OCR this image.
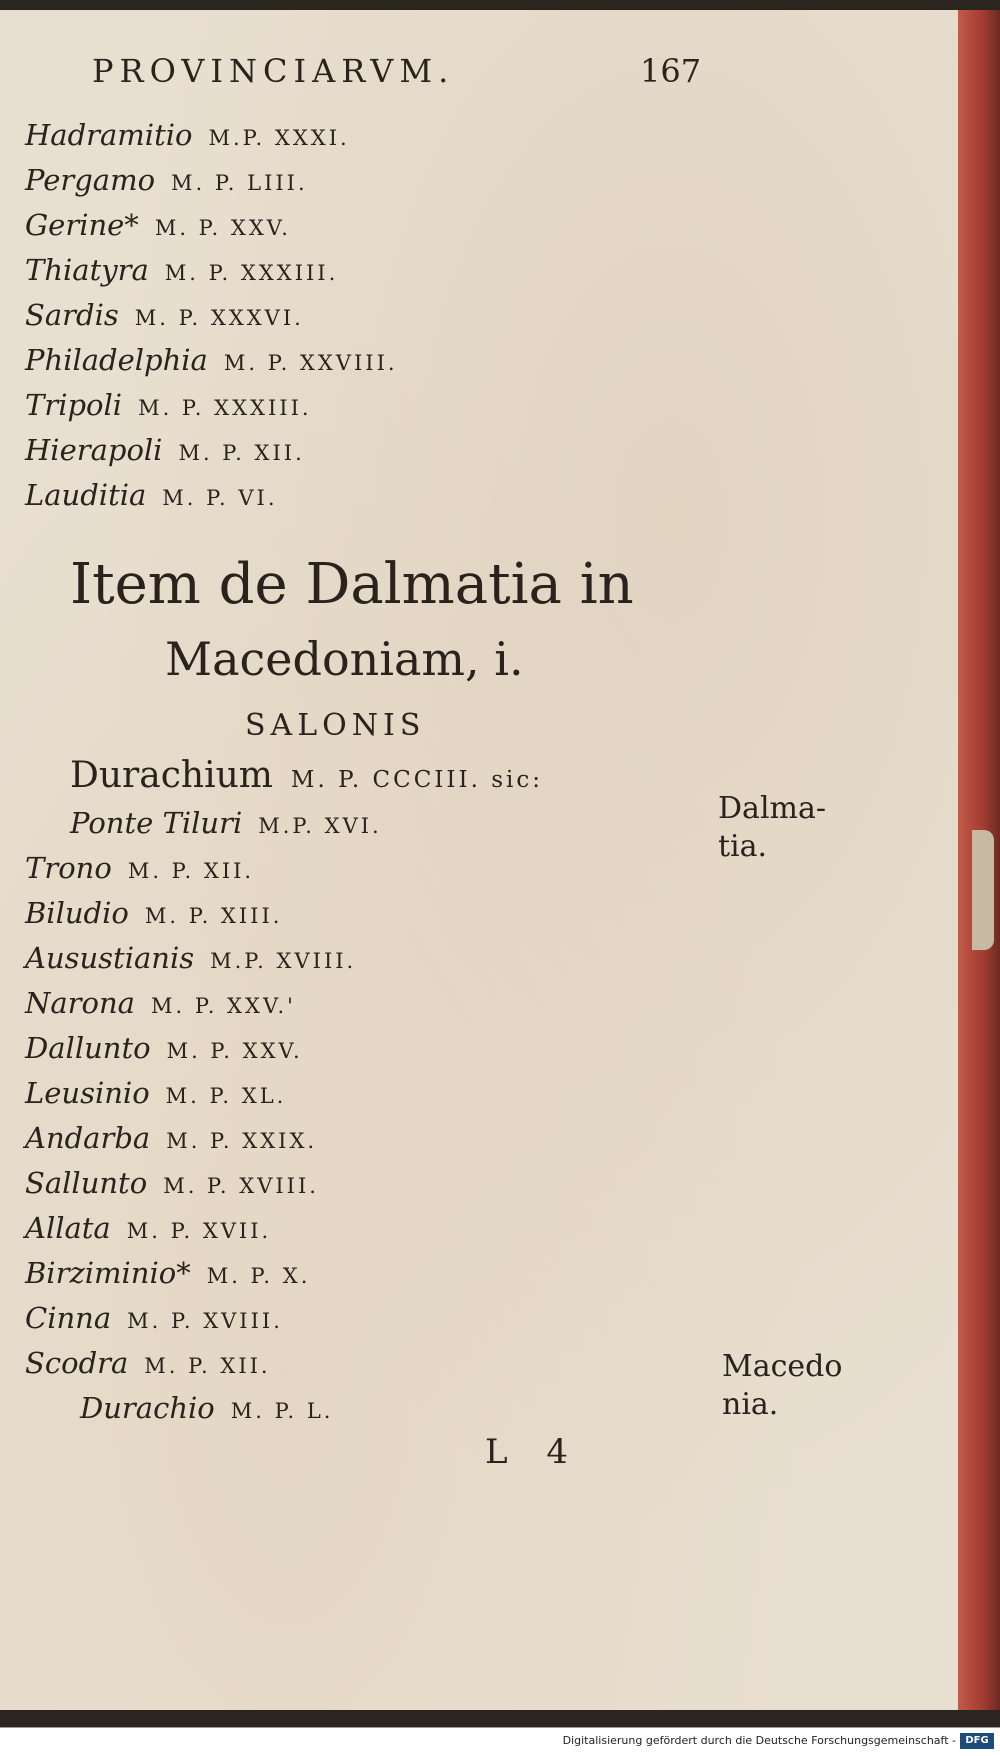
PROVINCIARVM.	167
Hadramitio M.P. XXXI.
Pergamo M. P. LIII.
Gerine* M. P. XXV.
Thiatyra M. P. XXXIII.
Sardis M. P. XXXVI.
Philadelphia M. P. XXVIII.
Tripoli M. P. XXXIII.
Hierapoli M. P. XII.
Lauditia M. P. VI.
Item de Dalmatia in
Macedoniam, i.
SALONIS
Durachium M. P. CCCIII. sic:
Ponte Tiluri M.P. XVI.
Trono M. P. XII.
Biludio M. P. XIII.
Ausustianis M.P. XVIII.
Narona M. P. XXV.'
Dallunto M. P. XXV.
Leusinio M. P. XL.
Andarba M. P. XXIX.
Sallunto M. P. XVIII.
Allata M. P. XVII.
Birziminio* M. P. X.
Cinna M. P. XVIII.
Scodra M. P. XII.
Durachio M. P. L.
Dalma-
tia.
Macedo
nia.
L 4
Digitalisierung gefördert durch die Deutsche Forschungsgemeinschaft - DFG
